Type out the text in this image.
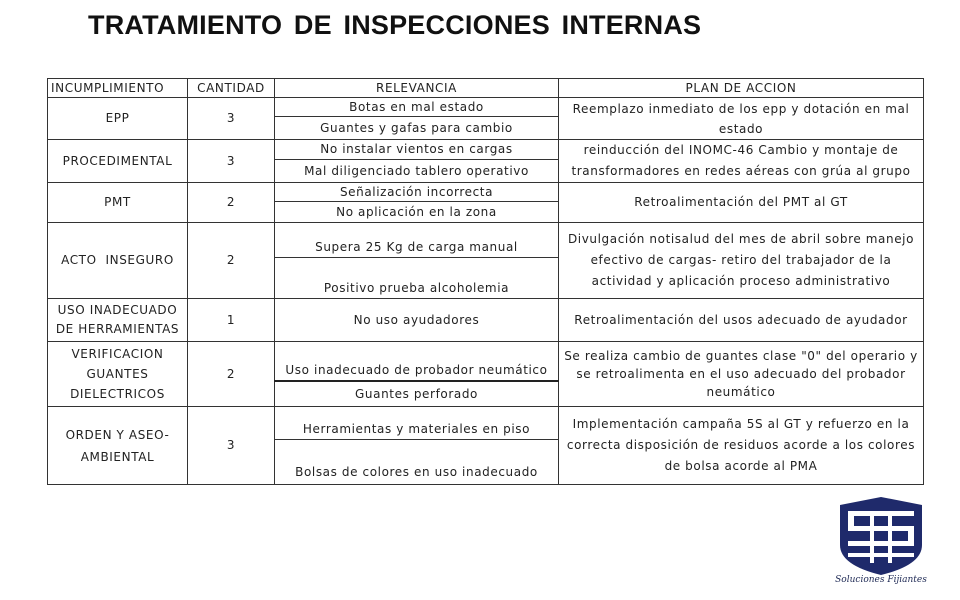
TRATAMIENTO DE INSPECCIONES INTERNAS
INCUMPLIMIENTO	CANTIDAD	RELEVANCIA	PLAN DE ACCION
EPP	3	Botas en mal estado	Reemplazo inmediato de los epp y dotación en mal estado
		Guantes y gafas para cambio	
PROCEDIMENTAL	3	No instalar vientos en cargas	reinducción del INOMC-46 Cambio y montaje de transformadores en redes aéreas con grúa al grupo
		Mal diligenciado tablero operativo	
PMT	2	Señalización incorrecta	Retroalimentación del PMT al GT
		No aplicación en la zona	
ACTO  INSEGURO	2	Supera 25 Kg de carga manual	Divulgación notisalud del mes de abril sobre manejo efectivo de cargas- retiro del trabajador de la actividad y aplicación proceso administrativo
		Positivo prueba alcoholemia	
USO INADECUADO DE HERRAMIENTAS	1	No uso ayudadores	Retroalimentación del usos adecuado de ayudador
VERIFICACION GUANTES DIELECTRICOS	2	Uso inadecuado de probador neumático	Se realiza cambio de guantes clase "0" del operario y se retroalimenta en el uso adecuado del probador neumático
		Guantes perforado	
ORDEN Y ASEO-AMBIENTAL	3	Herramientas y materiales en piso	Implementación campaña 5S al GT y refuerzo en la correcta disposición de residuos acorde a los colores de bolsa acorde al PMA
		Bolsas de colores en uso inadecuado	
Soluciones Fijiantes
